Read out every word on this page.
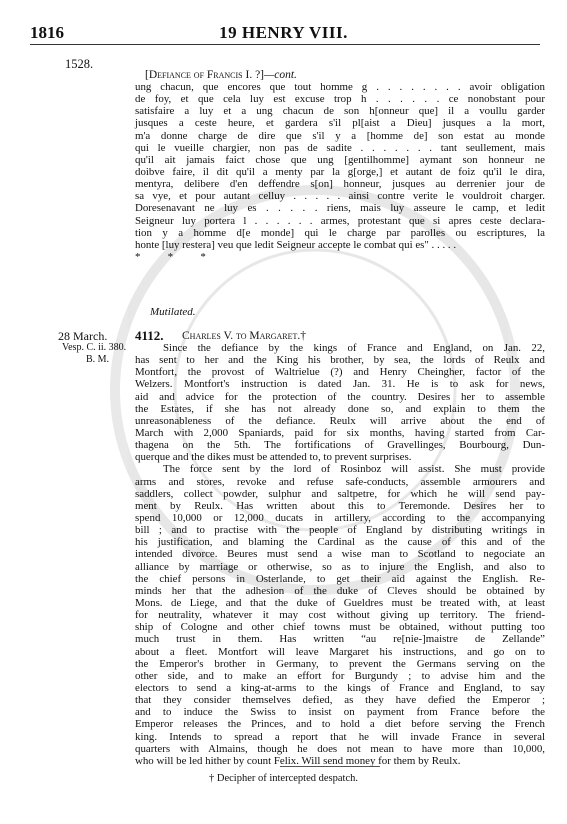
1816	19 HENRY VIII.
1528.
[Defiance of Francis I. ?]—cont.
ung chacun, que encores que tout homme g . . . . . . . . avoir obligation
de foy, et que cela luy est excuse trop h . . . . . . ce nonobstant pour
satisfaire a luy et a ung chacun de son h[onneur que] il a voullu garder
jusques a ceste heure, et gardera s'il pl[aist a Dieu] jusques a la mort,
m'a donne charge de dire que s'il y a [homme de] son estat au monde
qui le vueille chargier, non pas de sadite . . . . . . . tant seullement, mais
qu'il ait jamais faict chose que ung [gentilhomme] aymant son honneur ne
doibve faire, il dit qu'il a menty par la g[orge,] et autant de foiz qu'il le dira,
mentyra, delibere d'en deffendre s[on] honneur, jusques au derrenier jour de
sa vye, et pour autant celluy . . . . . ainsi contre verite le vouldroit charger.
Doresenavant ne luy es . . . . . riens, mais luy asseure le camp, et ledit
Seigneur luy portera l . . . . . . armes, protestant que si apres ceste declara-
tion y a homme d[e monde] qui le charge par parolles ou escriptures, la
honte [luy restera] veu que ledit Seigneur accepte le combat qui es" . . . . .
*          *          *
Mutilated.
28 March. 4112. Charles V. to Margaret.†
Vesp. C. ii. 380.
B. M.
Since the defiance by the kings of France and England, on Jan. 22,
has sent to her and the King his brother, by sea, the lords of Reulx and
Montfort, the provost of Waltrielue (?) and Henry Cheingher, factor of the
Welzers. Montfort's instruction is dated Jan. 31. He is to ask for news,
aid and advice for the protection of the country. Desires her to assemble
the Estates, if she has not already done so, and explain to them the
unreasonableness of the defiance. Reulx will arrive about the end of
March with 2,000 Spaniards, paid for six months, having started from Car-
thagena on the 5th. The fortifications of Gravellinges, Bourbourg, Dun-
querque and the dikes must be attended to, to prevent surprises.
The force sent by the lord of Rosinboz will assist. She must provide
arms and stores, revoke and refuse safe-conducts, assemble armourers and
saddlers, collect powder, sulphur and saltpetre, for which he will send pay-
ment by Reulx. Has written about this to Teremonde. Desires her to
spend 10,000 or 12,000 ducats in artillery, according to the accompanying
bill ; and to practise with the people of England by distributing writings in
his justification, and blaming the Cardinal as the cause of this and of the
intended divorce. Beures must send a wise man to Scotland to negociate an
alliance by marriage or otherwise, so as to injure the English, and also to
the chief persons in Osterlande, to get their aid against the English. Re-
minds her that the adhesion of the duke of Cleves should be obtained by
Mons. de Liege, and that the duke of Gueldres must be treated with, at least
for neutrality, whatever it may cost without giving up territory. The friend-
ship of Cologne and other chief towns must be obtained, without putting too
much trust in them. Has written “au re[nie-]maistre de Zellande”
about a fleet. Montfort will leave Margaret his instructions, and go on to
the Emperor's brother in Germany, to prevent the Germans serving on the
other side, and to make an effort for Burgundy ; to advise him and the
electors to send a king-at-arms to the kings of France and England, to say
that they consider themselves defied, as they have defied the Emperor ;
and to induce the Swiss to insist on payment from France before the
Emperor releases the Princes, and to hold a diet before serving the French
king. Intends to spread a report that he will invade France in several
quarters with Almains, though he does not mean to have more than 10,000,
who will be led hither by count Felix. Will send money for them by Reulx.
† Decipher of intercepted despatch.
